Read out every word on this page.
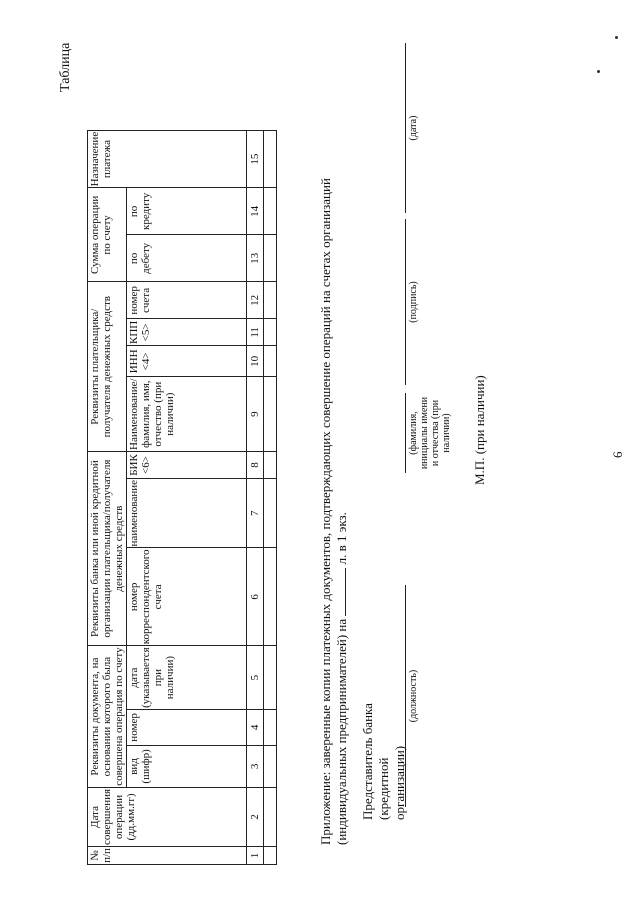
6
Таблица
№ п/п	Дата совершения операции (дд.мм.гг)	Реквизиты документа, на основании которого была совершена операция по счету			Реквизиты банка или иной кредитной организации плательщика/получателя денежных средств			Реквизиты плательщика/получателя денежных средств				Сумма операции по счету		Назначение платежа
		вид (шифр)	номер	дата (указывается при наличии)	номер корреспондентского счета	наименование	БИК <6>	Наименование/ фамилия, имя, отчество (при наличии)	ИНН <4>	КПП <5>	номер счета	по дебету	по кредиту	
1	2	3	4	5	6	7	8	9	10	11	12	13	14	15

Приложение: заверенные копии платежных документов, подтверждающих совершение операций на счетах организаций (индивидуальных предпринимателей) на  л. в 1 экз.
Представитель банка (кредитной организации)
(должность)
(фамилия, инициалы имени и отчества (при наличии)
(подпись)
(дата)
М.П. (при наличии)
